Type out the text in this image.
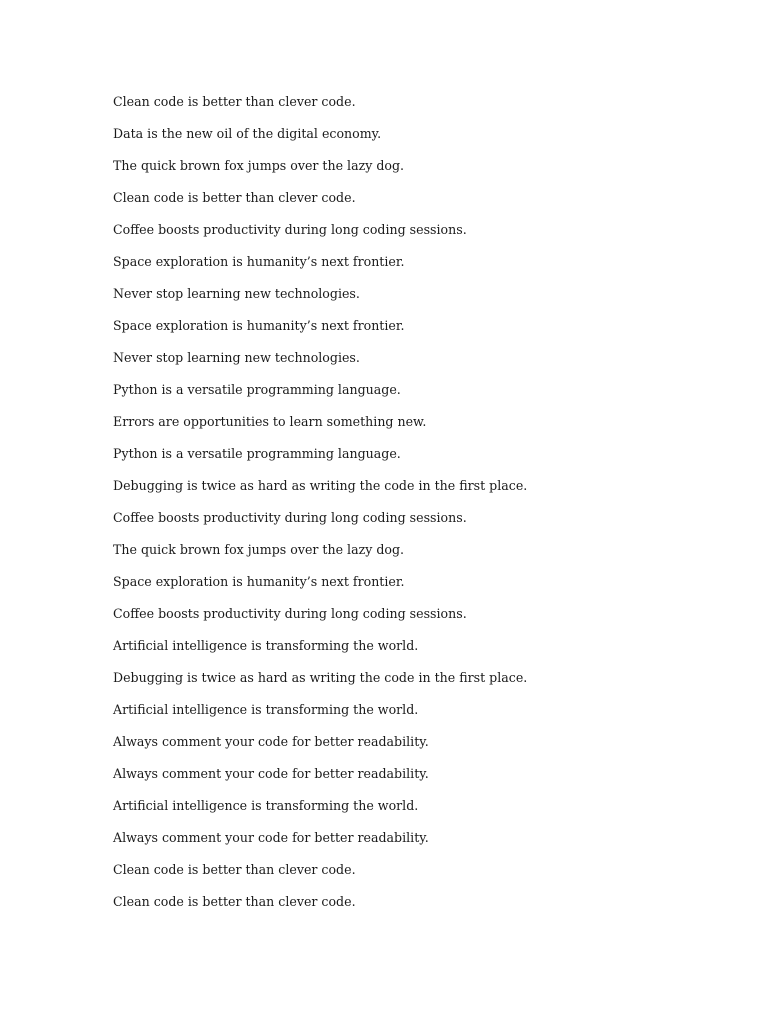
Clean code is better than clever code.
Data is the new oil of the digital economy.
The quick brown fox jumps over the lazy dog.
Clean code is better than clever code.
Coffee boosts productivity during long coding sessions.
Space exploration is humanity’s next frontier.
Never stop learning new technologies.
Space exploration is humanity’s next frontier.
Never stop learning new technologies.
Python is a versatile programming language.
Errors are opportunities to learn something new.
Python is a versatile programming language.
Debugging is twice as hard as writing the code in the first place.
Coffee boosts productivity during long coding sessions.
The quick brown fox jumps over the lazy dog.
Space exploration is humanity’s next frontier.
Coffee boosts productivity during long coding sessions.
Artificial intelligence is transforming the world.
Debugging is twice as hard as writing the code in the first place.
Artificial intelligence is transforming the world.
Always comment your code for better readability.
Always comment your code for better readability.
Artificial intelligence is transforming the world.
Always comment your code for better readability.
Clean code is better than clever code.
Clean code is better than clever code.
